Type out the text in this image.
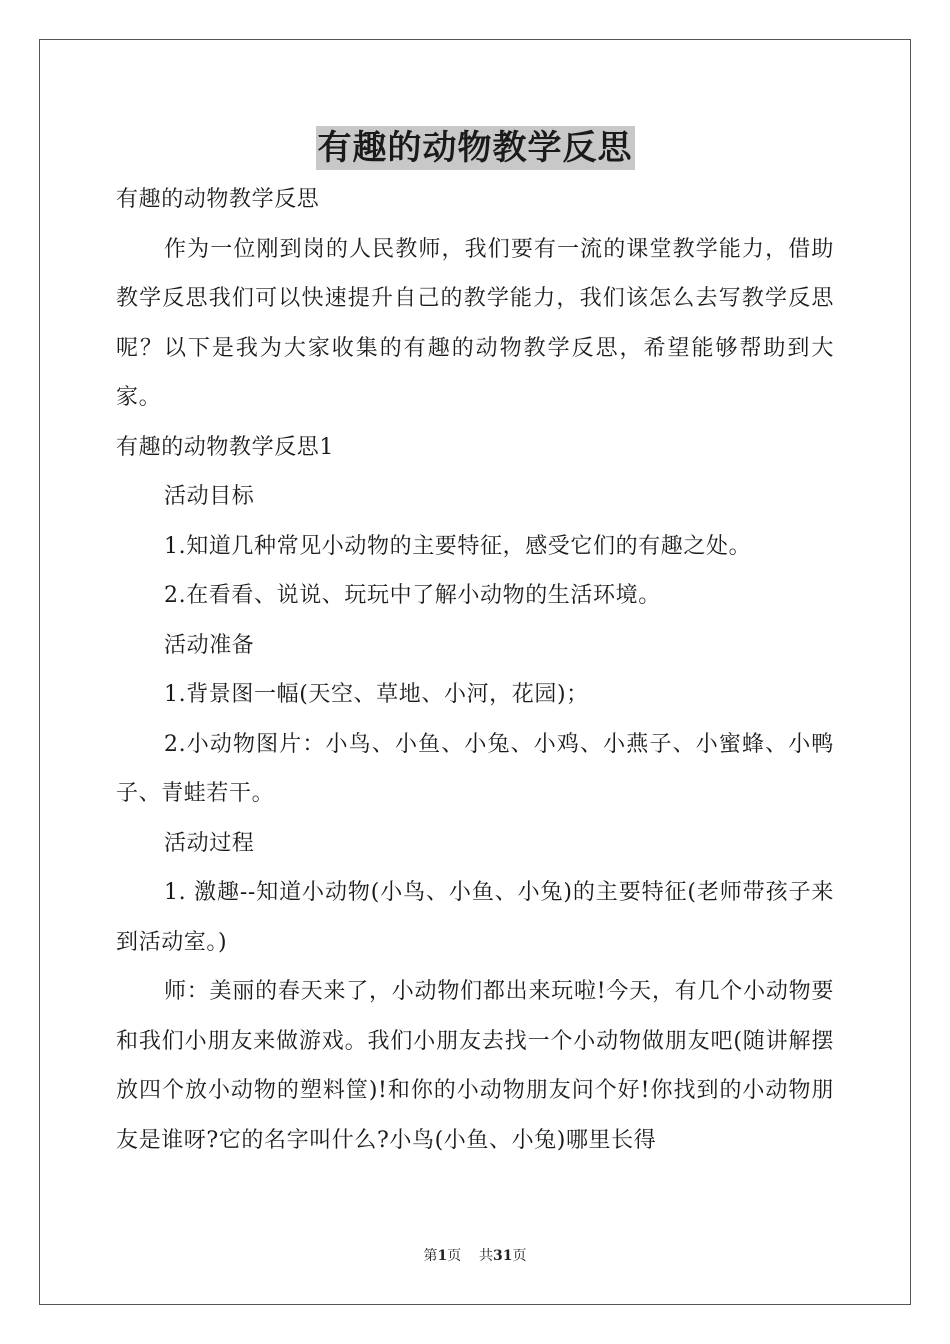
有趣的动物教学反思

有趣的动物教学反思

作为一位刚到岗的人民教师，我们要有一流的课堂教学能力，借助教学反思我们可以快速提升自己的教学能力，我们该怎么去写教学反思呢？以下是我为大家收集的有趣的动物教学反思，希望能够帮助到大家。

有趣的动物教学反思1

活动目标

1.知道几种常见小动物的主要特征，感受它们的有趣之处。

2.在看看、说说、玩玩中了解小动物的生活环境。

活动准备

1.背景图一幅(天空、草地、小河，花园)；

2.小动物图片：小鸟、小鱼、小兔、小鸡、小燕子、小蜜蜂、小鸭子、青蛙若干。

活动过程

1. 激趣--知道小动物(小鸟、小鱼、小兔)的主要特征(老师带孩子来到活动室。)

师：美丽的春天来了，小动物们都出来玩啦!今天，有几个小动物要和我们小朋友来做游戏。我们小朋友去找一个小动物做朋友吧(随讲解摆放四个放小动物的塑料筐)!和你的小动物朋友问个好!你找到的小动物朋友是谁呀?它的名字叫什么?小鸟(小鱼、小兔)哪里长得

第1页 共31页
